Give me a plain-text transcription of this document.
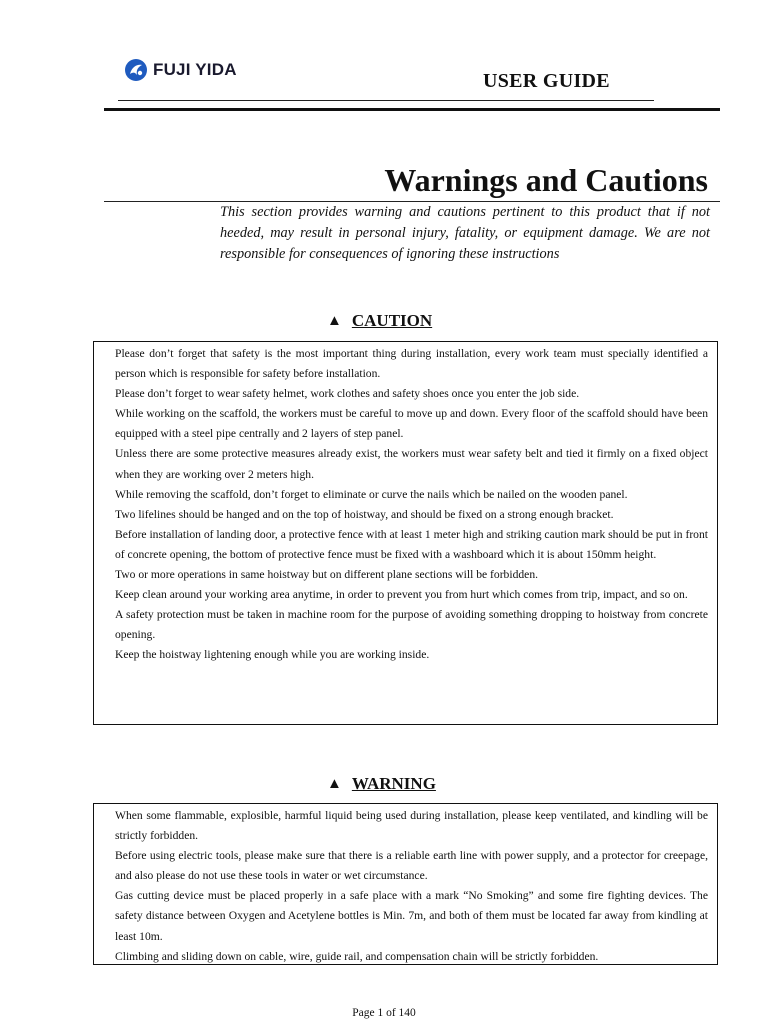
FUJI YIDA
USER GUIDE
Warnings and Cautions
This section provides warning and cautions pertinent to this product that if not heeded, may result in personal injury, fatality, or equipment damage. We are not responsible for consequences of ignoring these instructions
▲ CAUTION

Please don’t forget that safety is the most important thing during installation, every work team must specially identified a person which is responsible for safety before installation.

Please don’t forget to wear safety helmet, work clothes and safety shoes once you enter the job side.

While working on the scaffold, the workers must be careful to move up and down. Every floor of the scaffold should have been equipped with a steel pipe centrally and 2 layers of step panel.

Unless there are some protective measures already exist, the workers must wear safety belt and tied it firmly on a fixed object when they are working over 2 meters high.

While removing the scaffold, don’t forget to eliminate or curve the nails which be nailed on the wooden panel.

Two lifelines should be hanged and on the top of hoistway, and should be fixed on a strong enough bracket.

Before installation of landing door, a protective fence with at least 1 meter high and striking caution mark should be put in front of concrete opening, the bottom of protective fence must be fixed with a washboard which it is about 150mm height.

Two or more operations in same hoistway but on different plane sections will be forbidden.

Keep clean around your working area anytime, in order to prevent you from hurt which comes from trip, impact, and so on.

A safety protection must be taken in machine room for the purpose of avoiding something dropping to hoistway from concrete opening.

Keep the hoistway lightening enough while you are working inside.

▲ WARNING

When some flammable, explosible, harmful liquid being used during installation, please keep ventilated, and kindling will be strictly forbidden.

Before using electric tools, please make sure that there is a reliable earth line with power supply, and a protector for creepage, and also please do not use these tools in water or wet circumstance.

Gas cutting device must be placed properly in a safe place with a mark “No Smoking” and some fire fighting devices. The safety distance between Oxygen and Acetylene bottles is Min. 7m, and both of them must be located far away from kindling at least 10m.

Climbing and sliding down on cable, wire, guide rail, and compensation chain will be strictly forbidden.

Page 1 of 140
